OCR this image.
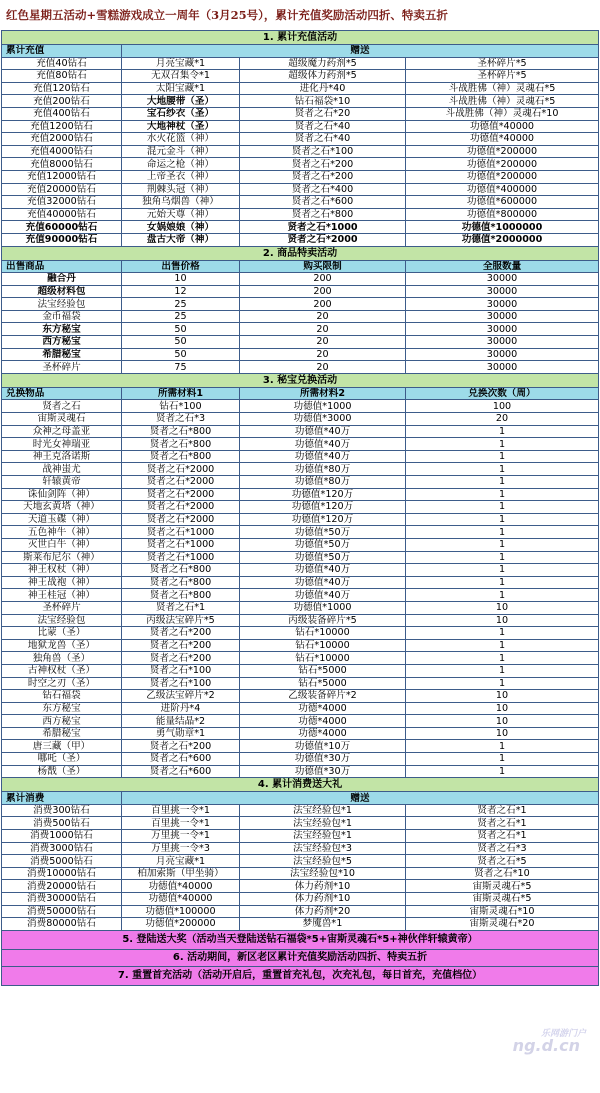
红色星期五活动+雪糕游戏成立一周年（3月25号），累计充值奖励活动四折、特卖五折
1. 累计充值活动			
累计充值	赠送		
充值40钻石	月亮宝藏*1	超级魔力药剂*5	圣杯碎片*5
充值80钻石	无双召集令*1	超级体力药剂*5	圣杯碎片*5
充值120钻石	太阳宝藏*1	进化丹*40	斗战胜佛（神）灵魂石*5
充值200钻石	大地腰带（圣）	钻石福袋*10	斗战胜佛（神）灵魂石*5
充值400钻石	宝石纱衣（圣）	贤者之石*20	斗战胜佛（神）灵魂石*10
充值1200钻石	大地神杖（圣）	贤者之石*40	功德值*40000
充值2000钻石	水火花篮（神）	贤者之石*40	功德值*40000
充值4000钻石	混元金斗（神）	贤者之石*100	功德值*200000
充值8000钻石	命运之枪（神）	贤者之石*200	功德值*200000
充值12000钻石	上帝圣衣（神）	贤者之石*200	功德值*200000
充值20000钻石	荆棘头冠（神）	贤者之石*400	功德值*400000
充值32000钻石	独角乌烟兽（神）	贤者之石*600	功德值*600000
充值40000钻石	元始天尊（神）	贤者之石*800	功德值*800000
充值60000钻石	女娲娘娘（神）	贤者之石*1000	功德值*1000000
充值90000钻石	盘古大帝（神）	贤者之石*2000	功德值*2000000
2. 商品特卖活动			
出售商品	出售价格	购买限制	全服数量
融合丹	10	200	30000
超级材料包	12	200	30000
法宝经验包	25	200	30000
金币福袋	25	20	30000
东方秘宝	50	20	30000
西方秘宝	50	20	30000
希腊秘宝	50	20	30000
圣杯碎片	75	20	30000
3. 秘宝兑换活动			
兑换物品	所需材料1	所需材料2	兑换次数（周）
贤者之石	钻石*100	功德值*1000	100
宙斯灵魂石	贤者之石*3	功德值*3000	20
众神之母盖亚	贤者之石*800	功德值*40万	1
时光女神瑞亚	贤者之石*800	功德值*40万	1
神王克洛诺斯	贤者之石*800	功德值*40万	1
战神蚩尤	贤者之石*2000	功德值*80万	1
轩辕黄帝	贤者之石*2000	功德值*80万	1
诛仙剑阵（神）	贤者之石*2000	功德值*120万	1
天地玄黄塔（神）	贤者之石*2000	功德值*120万	1
天道玉碟（神）	贤者之石*2000	功德值*120万	1
五色神牛（神）	贤者之石*1000	功德值*50万	1
灭世白牛（神）	贤者之石*1000	功德值*50万	1
斯莱布尼尔（神）	贤者之石*1000	功德值*50万	1
神王权杖（神）	贤者之石*800	功德值*40万	1
神王战袍（神）	贤者之石*800	功德值*40万	1
神王桂冠（神）	贤者之石*800	功德值*40万	1
圣杯碎片	贤者之石*1	功德值*1000	10
法宝经验包	丙级法宝碎片*5	丙级装备碎片*5	10
比蒙（圣）	贤者之石*200	钻石*10000	1
地狱龙兽（圣）	贤者之石*200	钻石*10000	1
独角兽（圣）	贤者之石*200	钻石*10000	1
古神权杖（圣）	贤者之石*100	钻石*5000	1
时空之刃（圣）	贤者之石*100	钻石*5000	1
钻石福袋	乙级法宝碎片*2	乙级装备碎片*2	10
东方秘宝	进阶丹*4	功德*4000	10
西方秘宝	能量结晶*2	功德*4000	10
希腊秘宝	勇气勋章*1	功德*4000	10
唐三藏（甲）	贤者之石*200	功德值*10万	1
哪吒（圣）	贤者之石*600	功德值*30万	1
杨戬（圣）	贤者之石*600	功德值*30万	1
4. 累计消费送大礼			
累计消费	赠送		
消费300钻石	百里挑一令*1	法宝经验包*1	贤者之石*1
消费500钻石	百里挑一令*1	法宝经验包*1	贤者之石*1
消费1000钻石	万里挑一令*1	法宝经验包*1	贤者之石*1
消费3000钻石	万里挑一令*3	法宝经验包*3	贤者之石*3
消费5000钻石	月亮宝藏*1	法宝经验包*5	贤者之石*5
消费10000钻石	柏加索斯（甲坐骑）	法宝经验包*10	贤者之石*10
消费20000钻石	功德值*40000	体力药剂*10	宙斯灵魂石*5
消费30000钻石	功德值*40000	体力药剂*10	宙斯灵魂石*5
消费50000钻石	功德值*100000	体力药剂*20	宙斯灵魂石*10
消费80000钻石	功德值*200000	梦魇兽*1	宙斯灵魂石*20
5. 登陆送大奖（活动当天登陆送钻石福袋*5+宙斯灵魂石*5+神伙伴轩辕黄帝）			
6. 活动期间，新区老区累计充值奖励活动四折、特卖五折			
7. 重置首充活动（活动开启后，重置首充礼包，次充礼包，每日首充，充值档位）			
乐网游门户
ng.d.cn
